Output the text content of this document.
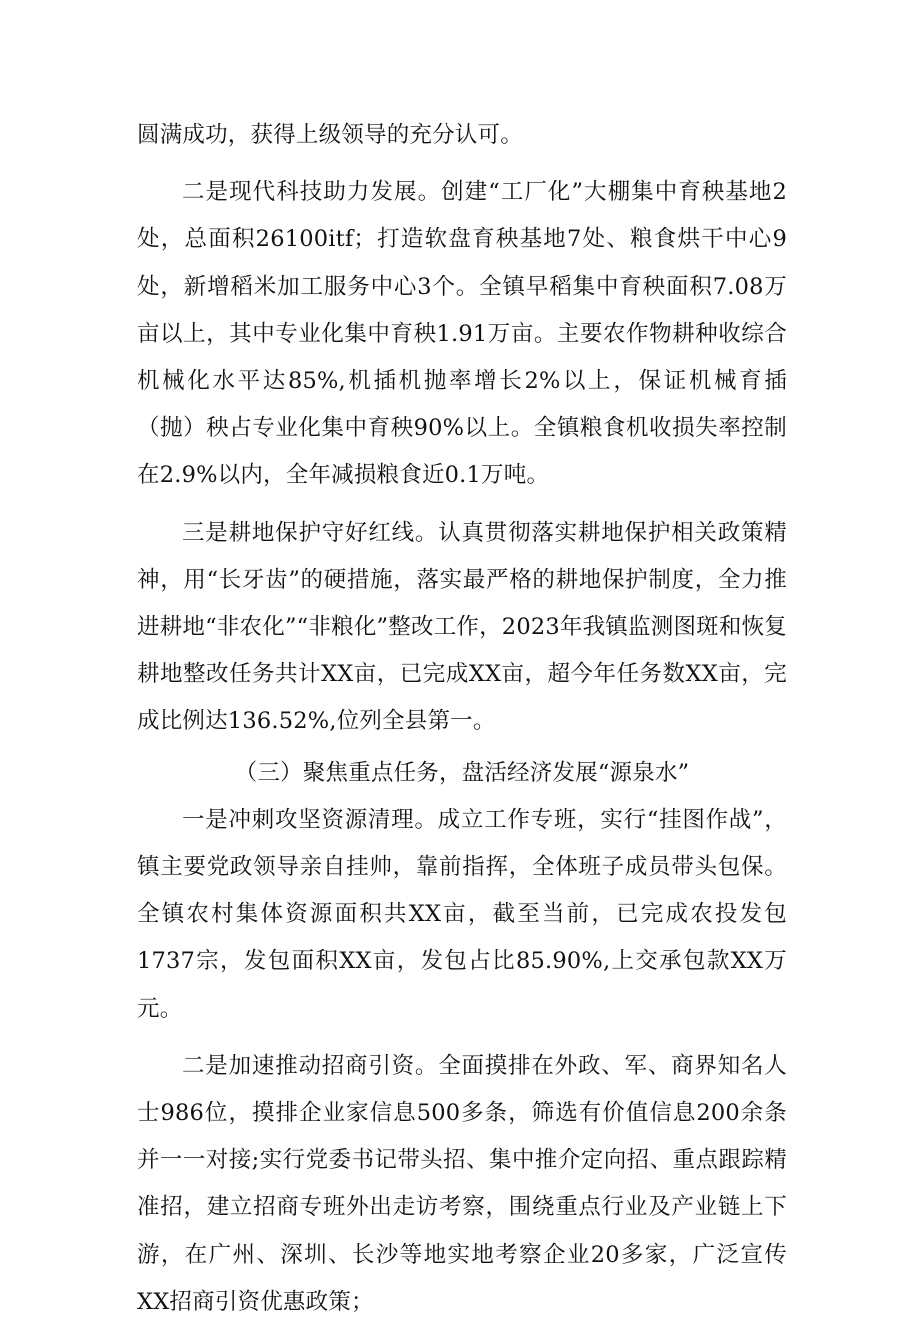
圆满成功，获得上级领导的充分认可。

二是现代科技助力发展。创建“工厂化”大棚集中育秧基地2处，总面积26100itf；打造软盘育秧基地7处、粮食烘干中心9处，新增稻米加工服务中心3个。全镇早稻集中育秧面积7.08万亩以上，其中专业化集中育秧1.91万亩。主要农作物耕种收综合机械化水平达85%,机插机抛率增长2%以上，保证机械育插（抛）秧占专业化集中育秧90%以上。全镇粮食机收损失率控制在2.9%以内，全年减损粮食近0.1万吨。

三是耕地保护守好红线。认真贯彻落实耕地保护相关政策精神，用“长牙齿”的硬措施，落实最严格的耕地保护制度，全力推进耕地“非农化”“非粮化”整改工作，2023年我镇监测图斑和恢复耕地整改任务共计XX亩，已完成XX亩，超今年任务数XX亩，完成比例达136.52%,位列全县第一。

（三）聚焦重点任务，盘活经济发展“源泉水”

一是冲刺攻坚资源清理。成立工作专班，实行“挂图作战”，镇主要党政领导亲自挂帅，靠前指挥，全体班子成员带头包保。全镇农村集体资源面积共XX亩，截至当前，已完成农投发包1737宗，发包面积XX亩，发包占比85.90%,上交承包款XX万元。

二是加速推动招商引资。全面摸排在外政、军、商界知名人士986位，摸排企业家信息500多条，筛选有价值信息200余条并一一对接;实行党委书记带头招、集中推介定向招、重点跟踪精准招，建立招商专班外出走访考察，围绕重点行业及产业链上下游，在广州、深圳、长沙等地实地考察企业20多家，广泛宣传XX招商引资优惠政策；
